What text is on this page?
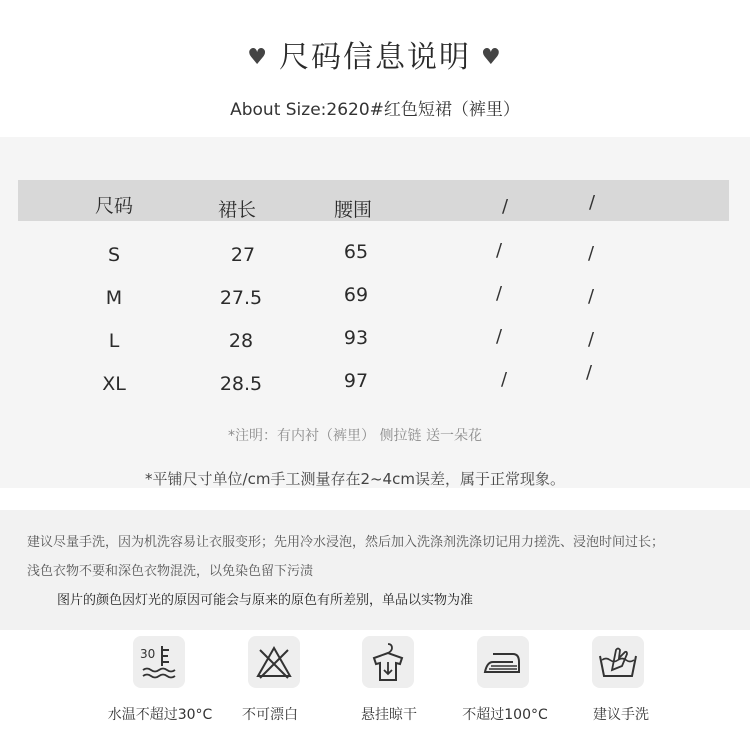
♥ 尺码信息说明 ♥
About Size:2620#红色短裙（裤里）
尺码	裙长	腰围	/	/
S	27	65	/	/
M	27.5	69	/	/
L	28	93	/	/
XL	28.5	97	/	/
*注明：有内衬（裤里） 侧拉链 送一朵花
*平铺尺寸单位/cm手工测量存在2~4cm误差，属于正常现象。
建议尽量手洗，因为机洗容易让衣服变形；先用冷水浸泡，然后加入洗涤剂洗涤切记用力搓洗、浸泡时间过长；
浅色衣物不要和深色衣物混洗，以免染色留下污渍
图片的颜色因灯光的原因可能会与原来的原色有所差别，单品以实物为准
30
水温不超过30°C 不可漂白	悬挂晾干	不超过100°C	建议手洗
